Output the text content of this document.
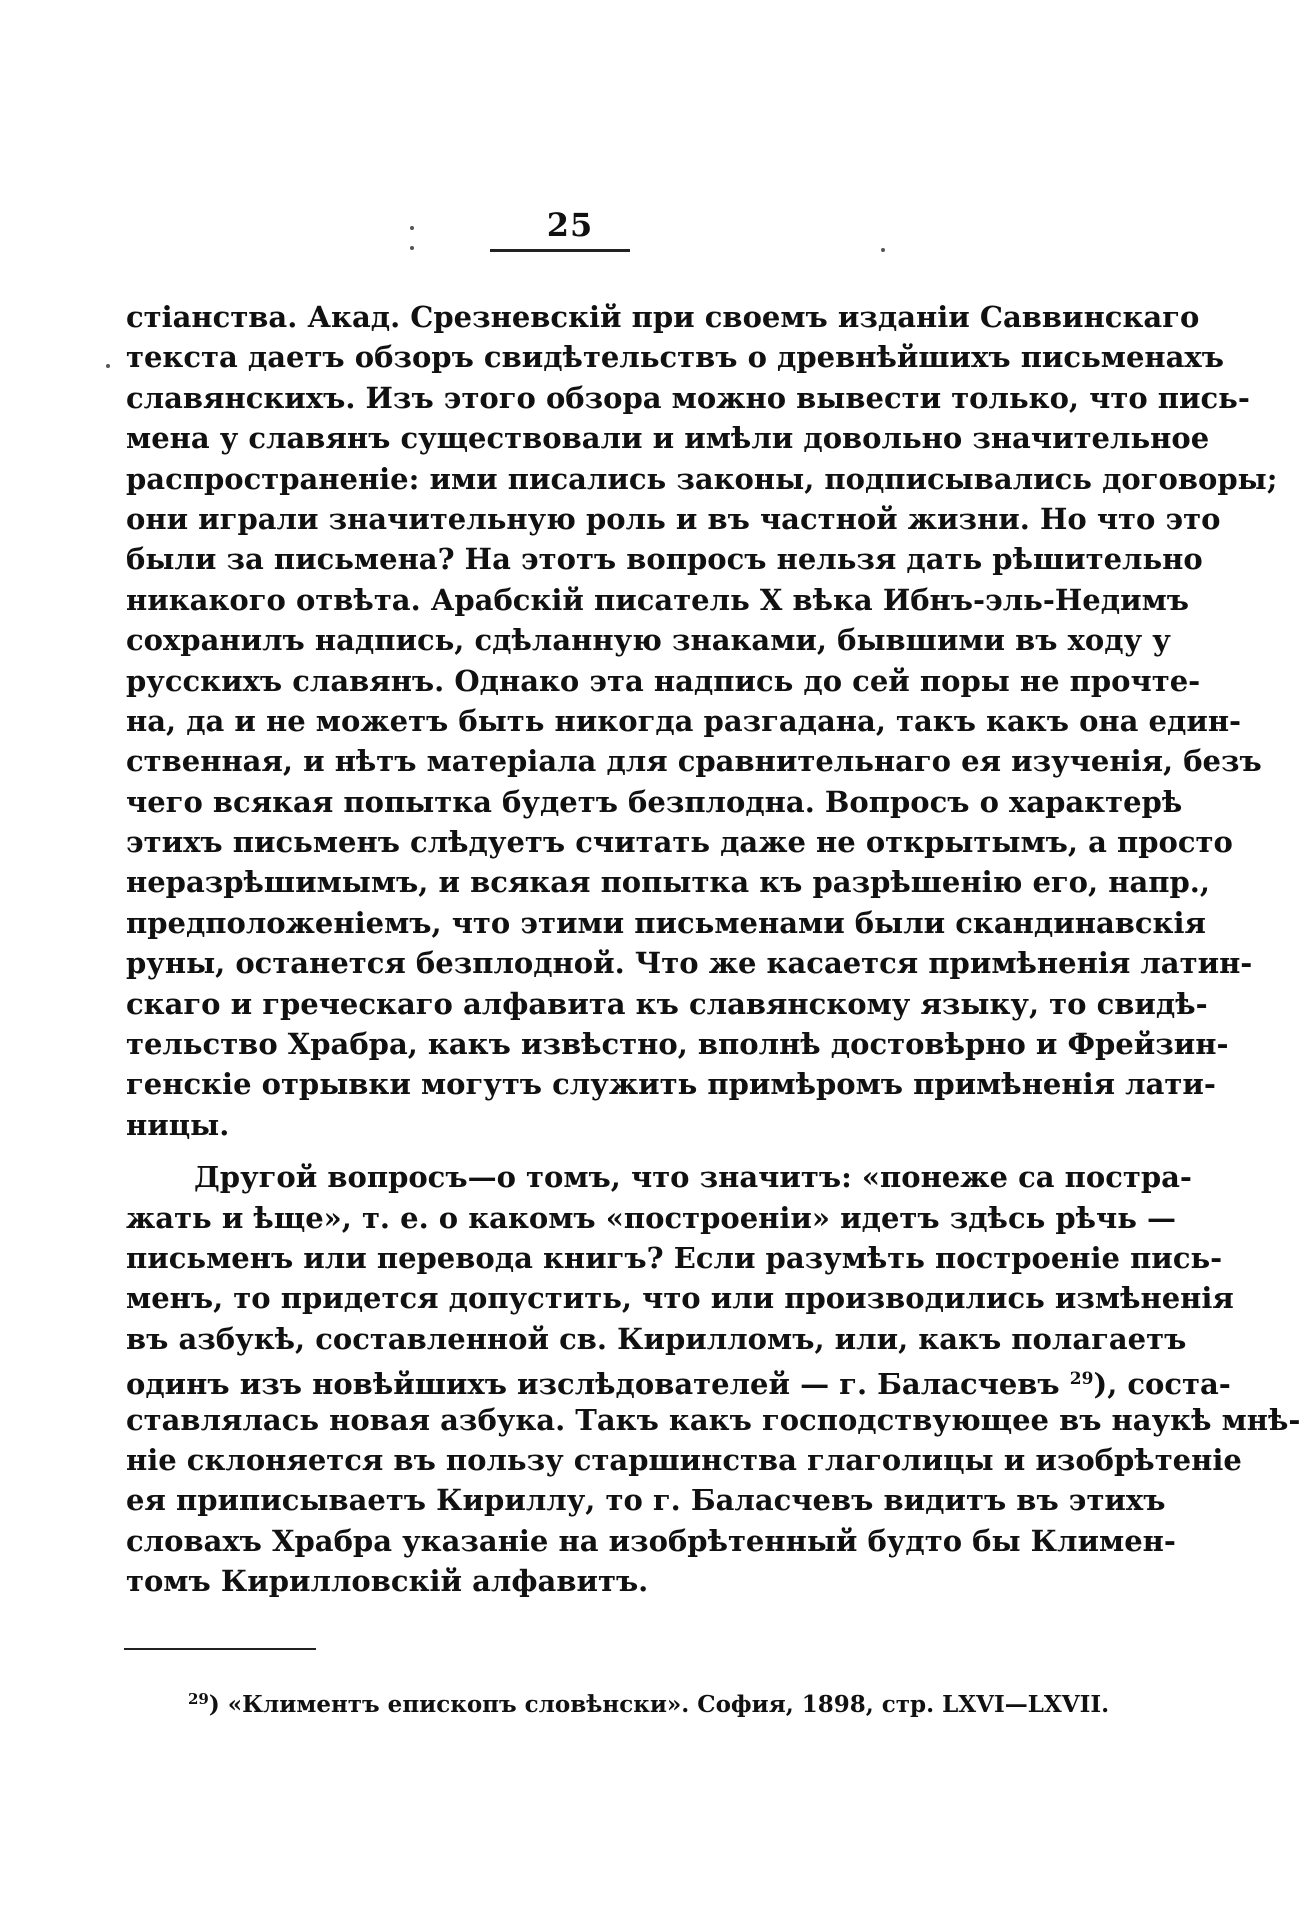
25
стіанства. Акад. Срезневскій при своемъ изданіи Саввинскаго
текста даетъ обзоръ свидѣтельствъ о древнѣйшихъ письменахъ
славянскихъ. Изъ этого обзора можно вывести только, что пись-
мена у славянъ существовали и имѣли довольно значительное
распространеніе: ими писались законы, подписывались договоры;
они играли значительную роль и въ частной жизни. Но что это
были за письмена? На этотъ вопросъ нельзя дать рѣшительно
никакого отвѣта. Арабскій писатель X вѣка Ибнъ-эль-Недимъ
сохранилъ надпись, сдѣланную знаками, бывшими въ ходу у
русскихъ славянъ. Однако эта надпись до сей поры не прочте-
на, да и не можетъ быть никогда разгадана, такъ какъ она един-
ственная, и нѣтъ матеріала для сравнительнаго ея изученія, безъ
чего всякая попытка будетъ безплодна. Вопросъ о характерѣ
этихъ письменъ слѣдуетъ считать даже не открытымъ, а просто
неразрѣшимымъ, и всякая попытка къ разрѣшенію его, напр.,
предположеніемъ, что этими письменами были скандинавскія
руны, останется безплодной. Что же касается примѣненія латин-
скаго и греческаго алфавита къ славянскому языку, то свидѣ-
тельство Храбра, какъ извѣстно, вполнѣ достовѣрно и Фрейзин-
генскіе отрывки могутъ служить примѣромъ примѣненія лати-
ницы.
Другой вопросъ—о томъ, что значитъ: «понеже са постра-
жать и ѣще», т. е. о какомъ «построеніи» идетъ здѣсь рѣчь —
письменъ или перевода книгъ? Если разумѣть построеніе пись-
менъ, то придется допустить, что или производились измѣненія
въ азбукѣ, составленной св. Кирилломъ, или, какъ полагаетъ
одинъ изъ новѣйшихъ изслѣдователей — г. Баласчевъ $^{29}$), соста-
ставлялась новая азбука. Такъ какъ господствующее въ наукѣ мнѣ-
ніе склоняется въ пользу старшинства глаголицы и изобрѣтеніе
ея приписываетъ Кириллу, то г. Баласчевъ видитъ въ этихъ
словахъ Храбра указаніе на изобрѣтенный будто бы Климен-
томъ Кирилловскій алфавитъ.
$^{29}$) «Климентъ епископъ словѣнски». София, 1898, стр. LXVI—LXVII.
